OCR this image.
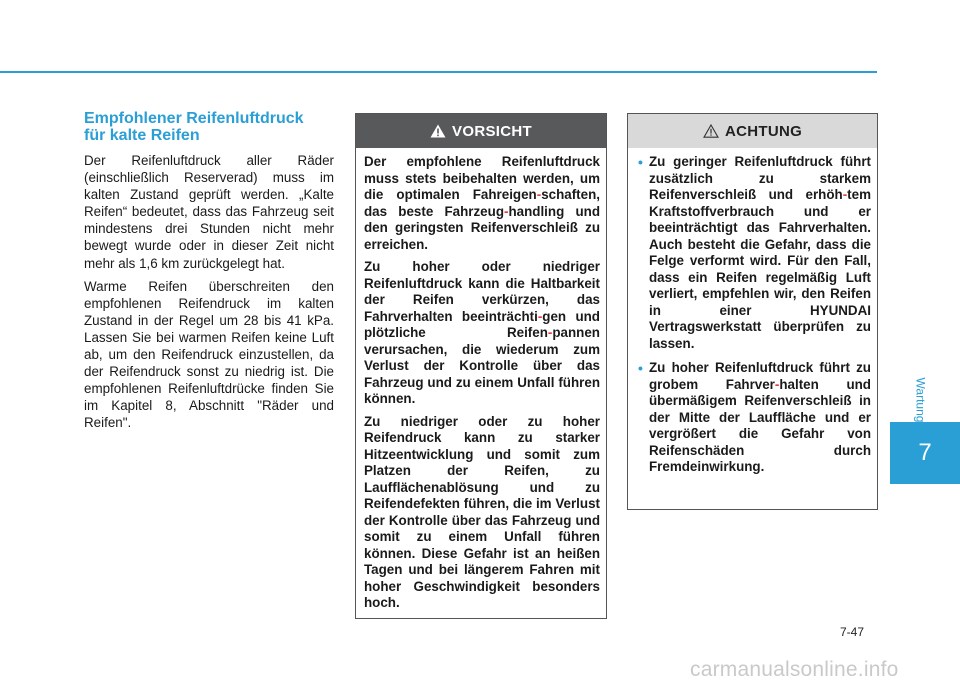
Empfohlener Reifenluftdruck
für kalte Reifen

Der Reifenluftdruck aller Räder (einschließlich Reserverad) muss im kalten Zustand geprüft werden. „Kalte Reifen“ bedeutet, dass das Fahrzeug seit mindestens drei Stunden nicht mehr bewegt wurde oder in dieser Zeit nicht mehr als 1,6 km zurückgelegt hat.

Warme Reifen überschreiten den empfohlenen Reifendruck im kalten Zustand in der Regel um 28 bis 41 kPa. Lassen Sie bei warmen Reifen keine Luft ab, um den Reifendruck einzustellen, da der Reifendruck sonst zu niedrig ist. Die empfohlenen Reifenluftdrücke finden Sie im Kapitel 8, Abschnitt "Räder und Reifen".

VORSICHT

Der empfohlene Reifenluftdruck muss stets beibehalten werden, um die optimalen Fahreigen-schaften, das beste Fahrzeug-handling und den geringsten Reifenverschleiß zu erreichen.

Zu hoher oder niedriger Reifenluftdruck kann die Haltbarkeit der Reifen verkürzen, das Fahrverhalten beeinträchti-gen und plötzliche Reifen-pannen verursachen, die wiederum zum Verlust der Kontrolle über das Fahrzeug und zu einem Unfall führen können.

Zu niedriger oder zu hoher Reifendruck kann zu starker Hitzeentwicklung und somit zum Platzen der Reifen, zu Laufflächenablösung und zu Reifendefekten führen, die im Verlust der Kontrolle über das Fahrzeug und somit zu einem Unfall führen können. Diese Gefahr ist an heißen Tagen und bei längerem Fahren mit hoher Geschwindigkeit besonders hoch.

ACHTUNG
• Zu geringer Reifenluftdruck führt zusätzlich zu starkem Reifenverschleiß und erhöh-tem Kraftstoffverbrauch und er beeinträchtigt das Fahrverhalten. Auch besteht die Gefahr, dass die Felge verformt wird. Für den Fall, dass ein Reifen regelmäßig Luft verliert, empfehlen wir, den Reifen in einer HYUNDAI Vertragswerkstatt überprüfen zu lassen.
• Zu hoher Reifenluftdruck führt zu grobem Fahrver-halten und übermäßigem Reifenverschleiß in der Mitte der Lauffläche und er vergrößert die Gefahr von Reifenschäden durch Fremdeinwirkung.
Wartung
7
7-47
carmanualsonline.info
